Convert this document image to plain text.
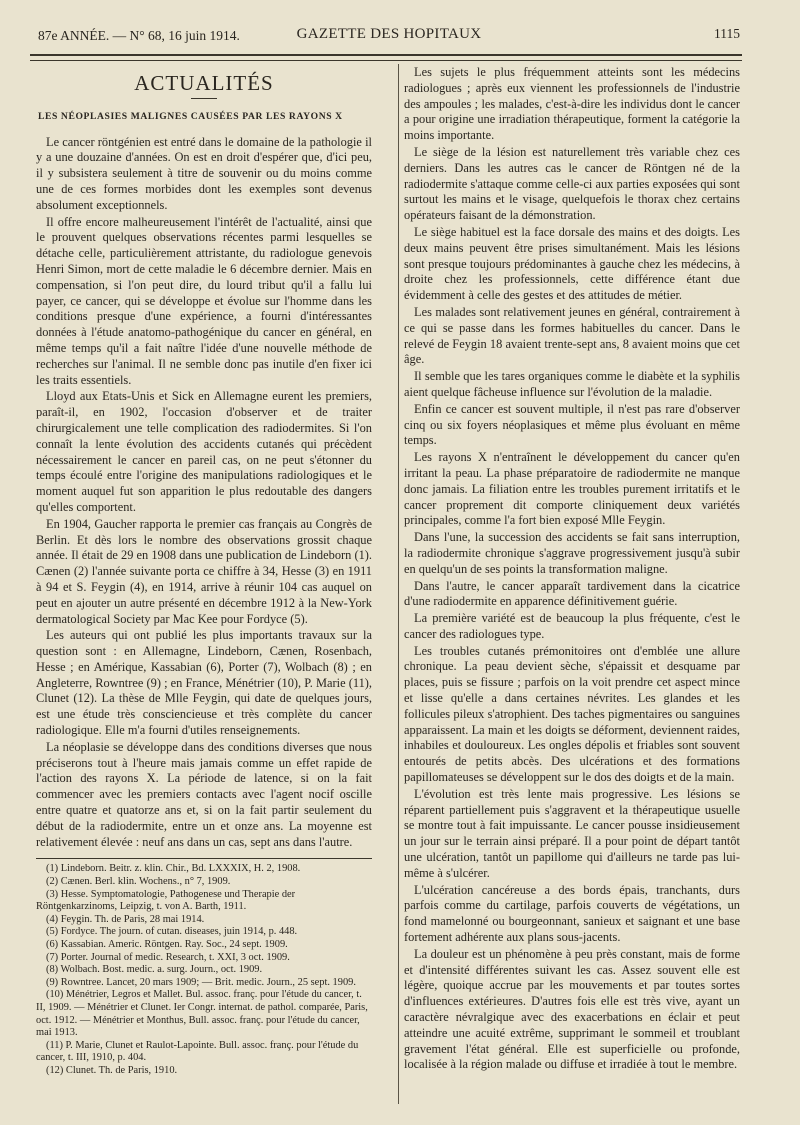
87e ANNÉE. — N° 68, 16 juin 1914.	GAZETTE DES HOPITAUX	1115
ACTUALITÉS
LES NÉOPLASIES MALIGNES CAUSÉES PAR LES RAYONS X

Le cancer röntgénien est entré dans le domaine de la pathologie il y a une douzaine d'années. On est en droit d'espérer que, d'ici peu, il y subsistera seulement à titre de souvenir ou du moins comme une de ces formes morbides dont les exemples sont devenus absolument exceptionnels.

Il offre encore malheureusement l'intérêt de l'actualité, ainsi que le prouvent quelques observations récentes parmi lesquelles se détache celle, particulièrement attristante, du radiologue genevois Henri Simon, mort de cette maladie le 6 décembre dernier. Mais en compensation, si l'on peut dire, du lourd tribut qu'il a fallu lui payer, ce cancer, qui se développe et évolue sur l'homme dans les conditions presque d'une expérience, a fourni d'intéressantes données à l'étude anatomo-pathogénique du cancer en général, en même temps qu'il a fait naître l'idée d'une nouvelle méthode de recherches sur l'animal. Il ne semble donc pas inutile d'en fixer ici les traits essentiels.

Lloyd aux Etats-Unis et Sick en Allemagne eurent les premiers, paraît-il, en 1902, l'occasion d'observer et de traiter chirurgicalement une telle complication des radiodermites. Si l'on connaît la lente évolution des accidents cutanés qui précèdent nécessairement le cancer en pareil cas, on ne peut s'étonner du temps écoulé entre l'origine des manipulations radiologiques et le moment auquel fut son apparition le plus redoutable des dangers qu'elles comportent.

En 1904, Gaucher rapporta le premier cas français au Congrès de Berlin. Et dès lors le nombre des observations grossit chaque année. Il était de 29 en 1908 dans une publication de Lindeborn (1). Cænen (2) l'année suivante porta ce chiffre à 34, Hesse (3) en 1911 à 94 et S. Feygin (4), en 1914, arrive à réunir 104 cas auquel on peut en ajouter un autre présenté en décembre 1912 à la New-York dermatological Society par Mac Kee pour Fordyce (5).

Les auteurs qui ont publié les plus importants travaux sur la question sont : en Allemagne, Lindeborn, Cænen, Rosenbach, Hesse ; en Amérique, Kassabian (6), Porter (7), Wolbach (8) ; en Angleterre, Rowntree (9) ; en France, Ménétrier (10), P. Marie (11), Clunet (12). La thèse de Mlle Feygin, qui date de quelques jours, est une étude très consciencieuse et très complète du cancer radiologique. Elle m'a fourni d'utiles renseignements.

La néoplasie se développe dans des conditions diverses que nous préciserons tout à l'heure mais jamais comme un effet rapide de l'action des rayons X. La période de latence, si on la fait commencer avec les premiers contacts avec l'agent nocif oscille entre quatre et quatorze ans et, si on la fait partir seulement du début de la radiodermite, entre un et onze ans. La moyenne est relativement élevée : neuf ans dans un cas, sept ans dans l'autre.

(1) Lindeborn. Beitr. z. klin. Chir., Bd. LXXXIX, H. 2, 1908.

(2) Cænen. Berl. klin. Wochens., n° 7, 1909.

(3) Hesse. Symptomatologie, Pathogenese und Therapie der Röntgenkarzinoms, Leipzig, t. von A. Barth, 1911.

(4) Feygin. Th. de Paris, 28 mai 1914.

(5) Fordyce. The journ. of cutan. diseases, juin 1914, p. 448.

(6) Kassabian. Americ. Röntgen. Ray. Soc., 24 sept. 1909.

(7) Porter. Journal of medic. Research, t. XXI, 3 oct. 1909.

(8) Wolbach. Bost. medic. a. surg. Journ., oct. 1909.

(9) Rowntree. Lancet, 20 mars 1909; — Brit. medic. Journ., 25 sept. 1909.

(10) Ménétrier, Legros et Mallet. Bul. assoc. franç. pour l'étude du cancer, t. II, 1909. — Ménétrier et Clunet. Ier Congr. internat. de pathol. comparée, Paris, oct. 1912. — Ménétrier et Monthus, Bull. assoc. franç. pour l'étude du cancer, mai 1913.

(11) P. Marie, Clunet et Raulot-Lapointe. Bull. assoc. franç. pour l'étude du cancer, t. III, 1910, p. 404.

(12) Clunet. Th. de Paris, 1910.

Les sujets le plus fréquemment atteints sont les médecins radiologues ; après eux viennent les professionnels de l'industrie des ampoules ; les malades, c'est-à-dire les individus dont le cancer a pour origine une irradiation thérapeutique, forment la catégorie la moins importante.

Le siège de la lésion est naturellement très variable chez ces derniers. Dans les autres cas le cancer de Röntgen né de la radiodermite s'attaque comme celle-ci aux parties exposées qui sont surtout les mains et le visage, quelquefois le thorax chez certains opérateurs faisant de la démonstration.

Le siège habituel est la face dorsale des mains et des doigts. Les deux mains peuvent être prises simultanément. Mais les lésions sont presque toujours prédominantes à gauche chez les médecins, à droite chez les professionnels, cette différence étant due évidemment à celle des gestes et des attitudes de métier.

Les malades sont relativement jeunes en général, contrairement à ce qui se passe dans les formes habituelles du cancer. Dans le relevé de Feygin 18 avaient trente-sept ans, 8 avaient moins que cet âge.

Il semble que les tares organiques comme le diabète et la syphilis aient quelque fâcheuse influence sur l'évolution de la maladie.

Enfin ce cancer est souvent multiple, il n'est pas rare d'observer cinq ou six foyers néoplasiques et même plus évoluant en même temps.

Les rayons X n'entraînent le développement du cancer qu'en irritant la peau. La phase préparatoire de radiodermite ne manque donc jamais. La filiation entre les troubles purement irritatifs et le cancer proprement dit comporte cliniquement deux variétés principales, comme l'a fort bien exposé Mlle Feygin.

Dans l'une, la succession des accidents se fait sans interruption, la radiodermite chronique s'aggrave progressivement jusqu'à subir en quelqu'un de ses points la transformation maligne.

Dans l'autre, le cancer apparaît tardivement dans la cicatrice d'une radiodermite en apparence définitivement guérie.

La première variété est de beaucoup la plus fréquente, c'est le cancer des radiologues type.

Les troubles cutanés prémonitoires ont d'emblée une allure chronique. La peau devient sèche, s'épaissit et desquame par places, puis se fissure ; parfois on la voit prendre cet aspect mince et lisse qu'elle a dans certaines névrites. Les glandes et les follicules pileux s'atrophient. Des taches pigmentaires ou sanguines apparaissent. La main et les doigts se déforment, deviennent raides, inhabiles et douloureux. Les ongles dépolis et friables sont souvent entourés de petits abcès. Des ulcérations et des formations papillomateuses se développent sur le dos des doigts et de la main.

L'évolution est très lente mais progressive. Les lésions se réparent partiellement puis s'aggravent et la thérapeutique usuelle se montre tout à fait impuissante. Le cancer pousse insidieusement un jour sur le terrain ainsi préparé. Il a pour point de départ tantôt une ulcération, tantôt un papillome qui d'ailleurs ne tarde pas lui-même à s'ulcérer.

L'ulcération cancéreuse a des bords épais, tranchants, durs parfois comme du cartilage, parfois couverts de végétations, un fond mamelonné ou bourgeonnant, sanieux et saignant et une base fortement adhérente aux plans sous-jacents.

La douleur est un phénomène à peu près constant, mais de forme et d'intensité différentes suivant les cas. Assez souvent elle est légère, quoique accrue par les mouvements et par toutes sortes d'influences extérieures. D'autres fois elle est très vive, ayant un caractère névralgique avec des exacerbations en éclair et peut atteindre une acuité extrême, supprimant le sommeil et troublant gravement l'état général. Elle est superficielle ou profonde, localisée à la région malade ou diffuse et irradiée à tout le membre.
